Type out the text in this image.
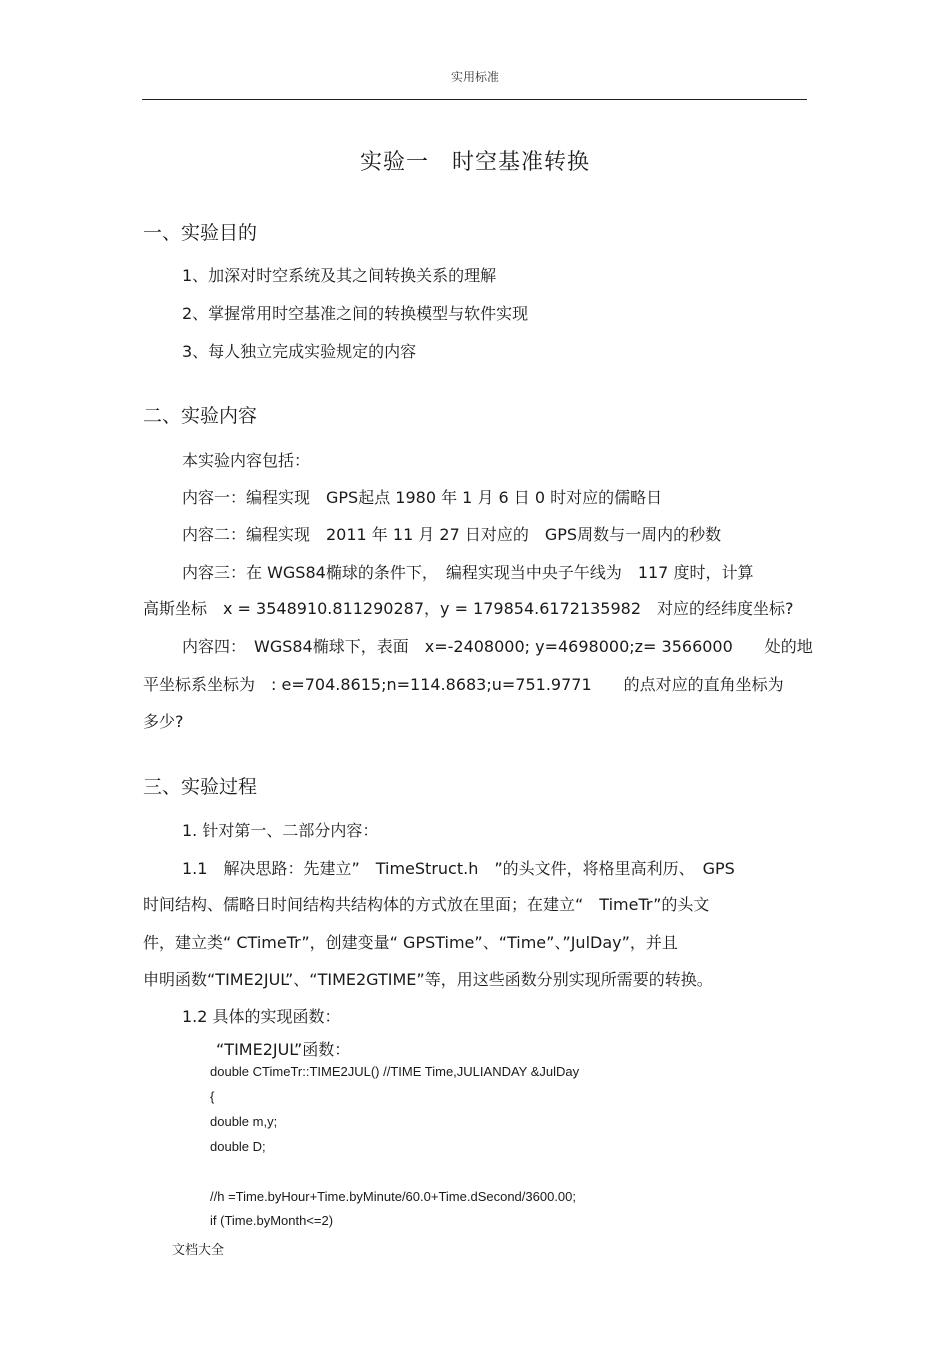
实用标准
实验一　时空基准转换
一、实验目的
1、加深对时空系统及其之间转换关系的理解
2、掌握常用时空基准之间的转换模型与软件实现
3、每人独立完成实验规定的内容
二、实验内容
本实验内容包括：
内容一：编程实现　GPS起点 1980 年 1 月 6 日 0 时对应的儒略日
内容二：编程实现　2011 年 11 月 27 日对应的　GPS周数与一周内的秒数
内容三：在 WGS84椭球的条件下，　编程实现当中央子午线为　117 度时，计算
高斯坐标　x = 3548910.811290287，y = 179854.6172135982　对应的经纬度坐标?
内容四：　WGS84椭球下，表面　x=-2408000; y=4698000;z= 3566000　　处的地
平坐标系坐标为　: e=704.8615;n=114.8683;u=751.9771　　的点对应的直角坐标为
多少?
三、实验过程
1. 针对第一、二部分内容：
1.1　解决思路：先建立”　TimeStruct.h　”的头文件，将格里高利历、　GPS
时间结构、儒略日时间结构共结构体的方式放在里面；在建立“　TimeTr”的头文
件，建立类“ CTimeTr”，创建变量“ GPSTime”、“Time”、”JulDay”，并且
申明函数“TIME2JUL”、“TIME2GTIME”等，用这些函数分别实现所需要的转换。
1.2 具体的实现函数：
“TIME2JUL”函数：
double CTimeTr::TIME2JUL() //TIME Time,JULIANDAY &JulDay
{
double m,y;
double D;
//h =Time.byHour+Time.byMinute/60.0+Time.dSecond/3600.00;
if (Time.byMonth<=2)
文档大全
